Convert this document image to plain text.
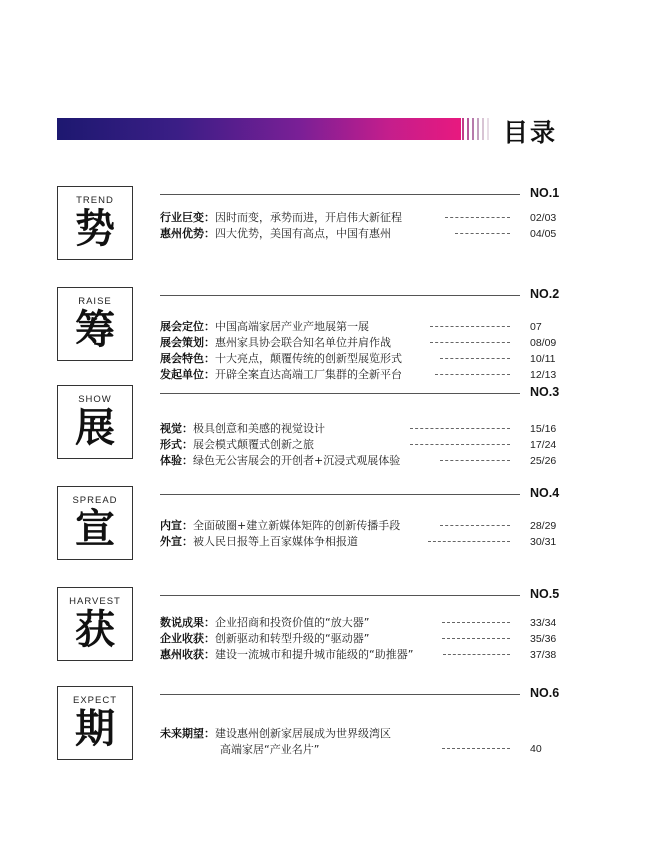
目录
TREND
势
NO.1
行业巨变：因时而变，承势而进，开启伟大新征程	02/03
惠州优势：四大优势，美国有高点，中国有惠州	04/05
RAISE
筹
NO.2
展会定位：中国高端家居产业产地展第一展	07
展会策划：惠州家具协会联合知名单位并肩作战	08/09
展会特色：十大亮点，颠覆传统的创新型展览形式	10/11
发起单位：开辟全案直达高端工厂集群的全新平台	12/13
SHOW
展
NO.3
视觉：极具创意和美感的视觉设计	15/16
形式：展会模式颠覆式创新之旅	17/24
体验：绿色无公害展会的开创者+沉浸式观展体验	25/26
SPREAD
宣
NO.4
内宣：全面破圈+建立新媒体矩阵的创新传播手段	28/29
外宣：被人民日报等上百家媒体争相报道	30/31
HARVEST
获
NO.5
数说成果：企业招商和投资价值的“放大器”	33/34
企业收获：创新驱动和转型升级的“驱动器”	35/36
惠州收获：建设一流城市和提升城市能级的“助推器”	37/38
EXPECT
期
NO.6
未来期望：建设惠州创新家居展成为世界级湾区
高端家居“产业名片”	40
